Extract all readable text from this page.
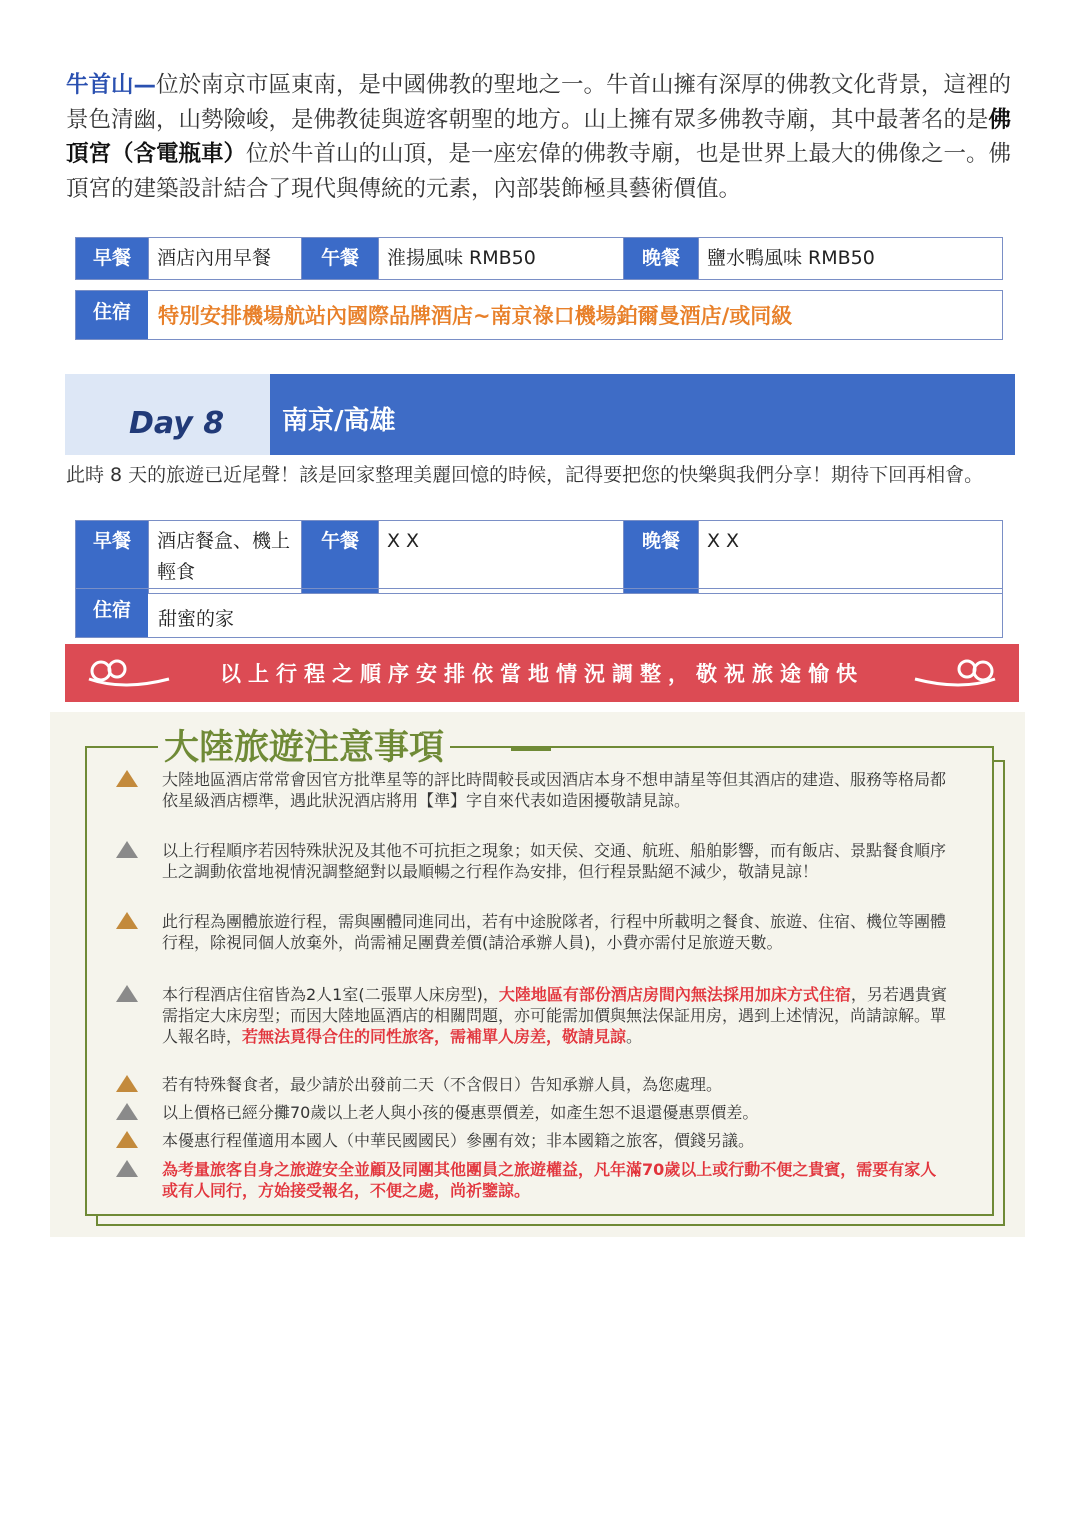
牛首山—位於南京市區東南，是中國佛教的聖地之一。牛首山擁有深厚的佛教文化背景，這裡的景色清幽，山勢險峻，是佛教徒與遊客朝聖的地方。山上擁有眾多佛教寺廟，其中最著名的是佛頂宮（含電瓶車）位於牛首山的山頂，是一座宏偉的佛教寺廟，也是世界上最大的佛像之一。佛頂宮的建築設計結合了現代與傳統的元素，內部裝飾極具藝術價值。
早餐	酒店內用早餐	午餐	淮揚風味 RMB50	晚餐	鹽水鴨風味 RMB50
住宿	特別安排機場航站內國際品牌酒店~南京祿口機場鉑爾曼酒店/或同級
Day 8	南京/高雄
此時 8 天的旅遊已近尾聲！該是回家整理美麗回憶的時候，記得要把您的快樂與我們分享！期待下回再相會。
早餐	酒店餐盒、機上輕食	午餐	X X	晚餐	X X
住宿	甜蜜的家
以上行程之順序安排依當地情況調整，敬祝旅途愉快
大陸旅遊注意事項
大陸地區酒店常常會因官方批準星等的評比時間較長或因酒店本身不想申請星等但其酒店的建造、服務等格局都依星級酒店標準，遇此狀況酒店將用【準】字自來代表如造困擾敬請見諒。
以上行程順序若因特殊狀況及其他不可抗拒之現象；如天侯、交通、航班、船舶影響，而有飯店、景點餐食順序上之調動依當地視情況調整絕對以最順暢之行程作為安排，但行程景點絕不減少，敬請見諒！
此行程為團體旅遊行程，需與團體同進同出，若有中途脫隊者，行程中所載明之餐食、旅遊、住宿、機位等團體行程，除視同個人放棄外，尚需補足團費差價(請洽承辦人員)，小費亦需付足旅遊天數。
本行程酒店住宿皆為2人1室(二張單人床房型)，大陸地區有部份酒店房間內無法採用加床方式住宿，另若遇貴賓需指定大床房型；而因大陸地區酒店的相關問題，亦可能需加價與無法保証用房，遇到上述情況，尚請諒解。單人報名時，若無法覓得合住的同性旅客，需補單人房差，敬請見諒。
若有特殊餐食者，最少請於出發前二天（不含假日）告知承辦人員，為您處理。
以上價格已經分攤70歲以上老人與小孩的優惠票價差，如產生恕不退還優惠票價差。
本優惠行程僅適用本國人（中華民國國民）參團有效；非本國籍之旅客，價錢另議。
為考量旅客自身之旅遊安全並顧及同團其他團員之旅遊權益，凡年滿70歲以上或行動不便之貴賓，需要有家人或有人同行，方始接受報名，不便之處，尚祈鑒諒。
